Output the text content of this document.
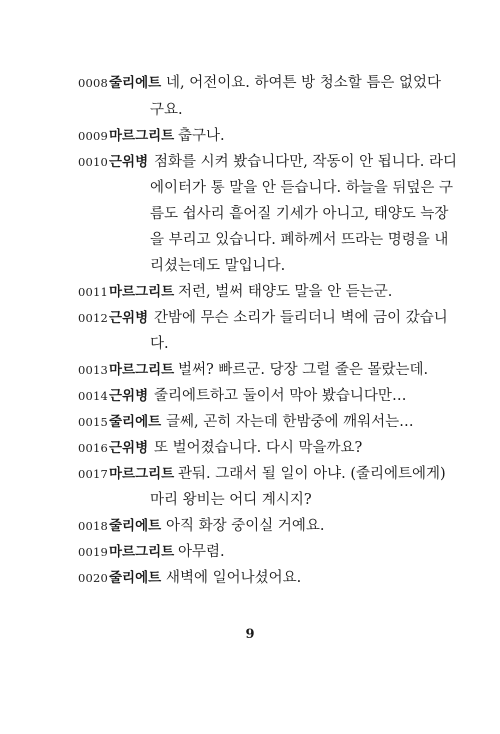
0008 줄리에트 네, 어전이요. 하여튼 방 청소할 틈은 없었다
구요.
0009 마르그리트 춥구나.
0010 근위병 점화를 시켜 봤습니다만, 작동이 안 됩니다. 라디
에이터가 통 말을 안 듣습니다. 하늘을 뒤덮은 구
름도 쉽사리 흩어질 기세가 아니고, 태양도 늑장
을 부리고 있습니다. 폐하께서 뜨라는 명령을 내
리셨는데도 말입니다.
0011 마르그리트 저런, 벌써 태양도 말을 안 듣는군.
0012 근위병 간밤에 무슨 소리가 들리더니 벽에 금이 갔습니
다.
0013 마르그리트 벌써? 빠르군. 당장 그럴 줄은 몰랐는데.
0014 근위병 줄리에트하고 둘이서 막아 봤습니다만…
0015 줄리에트 글쎄, 곤히 자는데 한밤중에 깨워서는…
0016 근위병 또 벌어졌습니다. 다시 막을까요?
0017 마르그리트 관둬. 그래서 될 일이 아냐. (줄리에트에게)
마리 왕비는 어디 계시지?
0018 줄리에트 아직 화장 중이실 거예요.
0019 마르그리트 아무렴.
0020 줄리에트 새벽에 일어나셨어요.
9
